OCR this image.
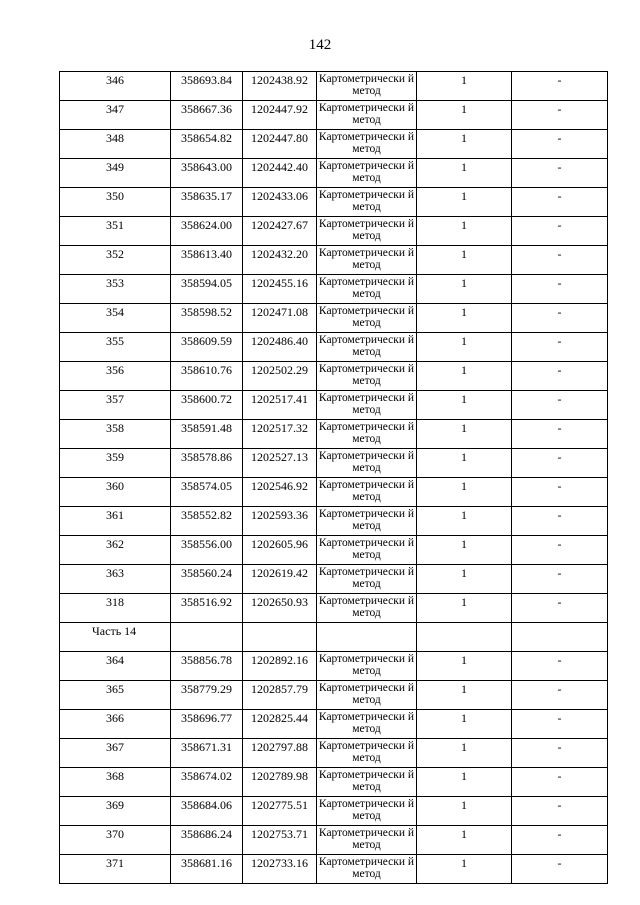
142
346	358693.84	1202438.92	Картометрически й метод	1	-
347	358667.36	1202447.92	Картометрически й метод	1	-
348	358654.82	1202447.80	Картометрически й метод	1	-
349	358643.00	1202442.40	Картометрически й метод	1	-
350	358635.17	1202433.06	Картометрически й метод	1	-
351	358624.00	1202427.67	Картометрически й метод	1	-
352	358613.40	1202432.20	Картометрически й метод	1	-
353	358594.05	1202455.16	Картометрически й метод	1	-
354	358598.52	1202471.08	Картометрически й метод	1	-
355	358609.59	1202486.40	Картометрически й метод	1	-
356	358610.76	1202502.29	Картометрически й метод	1	-
357	358600.72	1202517.41	Картометрически й метод	1	-
358	358591.48	1202517.32	Картометрически й метод	1	-
359	358578.86	1202527.13	Картометрически й метод	1	-
360	358574.05	1202546.92	Картометрически й метод	1	-
361	358552.82	1202593.36	Картометрически й метод	1	-
362	358556.00	1202605.96	Картометрически й метод	1	-
363	358560.24	1202619.42	Картометрически й метод	1	-
318	358516.92	1202650.93	Картометрически й метод	1	-
Часть 14					
364	358856.78	1202892.16	Картометрически й метод	1	-
365	358779.29	1202857.79	Картометрически й метод	1	-
366	358696.77	1202825.44	Картометрически й метод	1	-
367	358671.31	1202797.88	Картометрически й метод	1	-
368	358674.02	1202789.98	Картометрически й метод	1	-
369	358684.06	1202775.51	Картометрически й метод	1	-
370	358686.24	1202753.71	Картометрически й метод	1	-
371	358681.16	1202733.16	Картометрически й метод	1	-
